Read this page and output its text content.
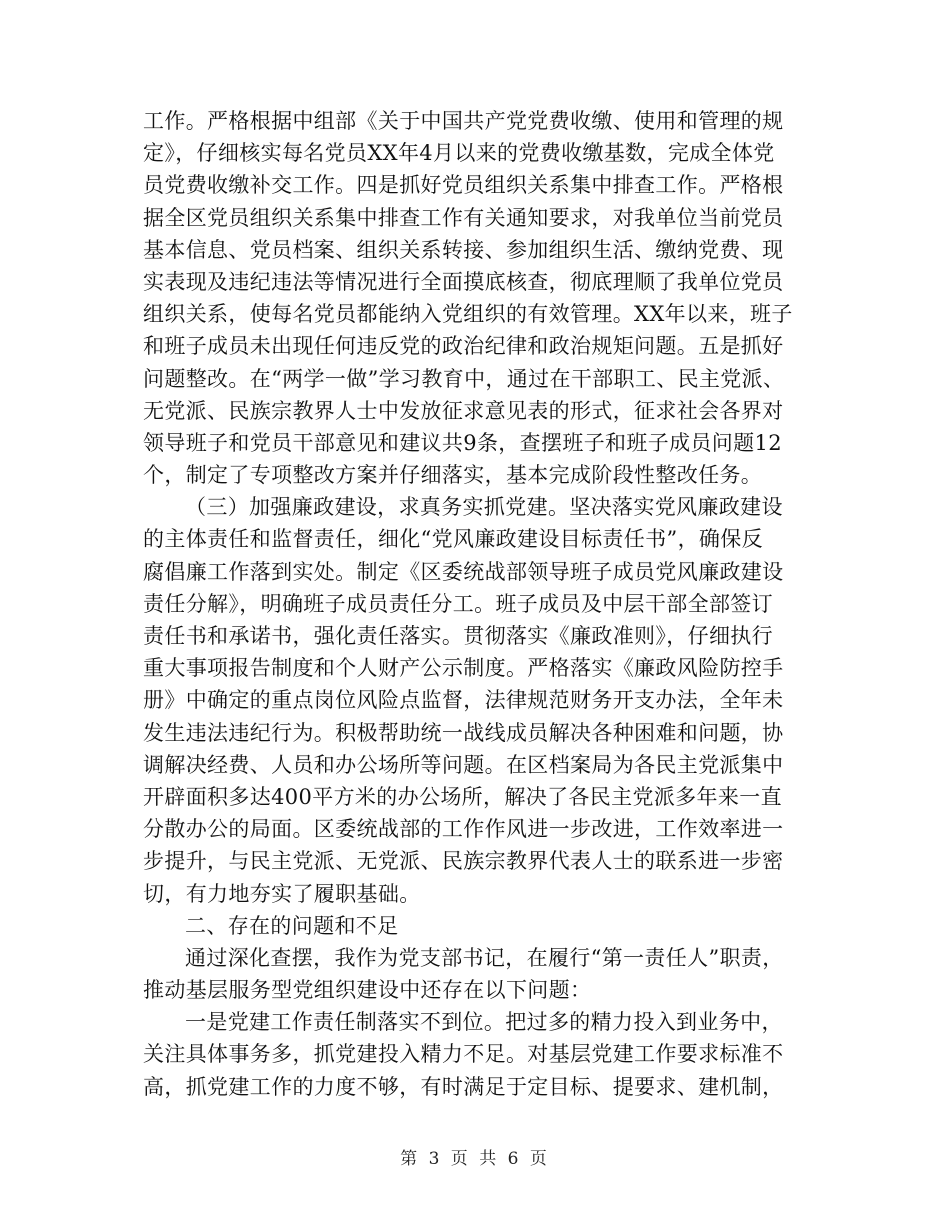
工作。严格根据中组部《关于中国共产党党费收缴、使用和管理的规
定》，仔细核实每名党员XX年4月以来的党费收缴基数，完成全体党
员党费收缴补交工作。四是抓好党员组织关系集中排查工作。严格根
据全区党员组织关系集中排查工作有关通知要求，对我单位当前党员
基本信息、党员档案、组织关系转接、参加组织生活、缴纳党费、现
实表现及违纪违法等情况进行全面摸底核查，彻底理顺了我单位党员
组织关系，使每名党员都能纳入党组织的有效管理。XX年以来，班子
和班子成员未出现任何违反党的政治纪律和政治规矩问题。五是抓好
问题整改。在“两学一做”学习教育中，通过在干部职工、民主党派、
无党派、民族宗教界人士中发放征求意见表的形式，征求社会各界对
领导班子和党员干部意见和建议共9条，查摆班子和班子成员问题12
个，制定了专项整改方案并仔细落实，基本完成阶段性整改任务。
（三）加强廉政建设，求真务实抓党建。坚决落实党风廉政建设
的主体责任和监督责任，细化“党风廉政建设目标责任书”，确保反
腐倡廉工作落到实处。制定《区委统战部领导班子成员党风廉政建设
责任分解》，明确班子成员责任分工。班子成员及中层干部全部签订
责任书和承诺书，强化责任落实。贯彻落实《廉政准则》，仔细执行
重大事项报告制度和个人财产公示制度。严格落实《廉政风险防控手
册》中确定的重点岗位风险点监督，法律规范财务开支办法，全年未
发生违法违纪行为。积极帮助统一战线成员解决各种困难和问题，协
调解决经费、人员和办公场所等问题。在区档案局为各民主党派集中
开辟面积多达400平方米的办公场所，解决了各民主党派多年来一直
分散办公的局面。区委统战部的工作作风进一步改进，工作效率进一
步提升，与民主党派、无党派、民族宗教界代表人士的联系进一步密
切，有力地夯实了履职基础。
二、存在的问题和不足
通过深化查摆，我作为党支部书记，在履行“第一责任人”职责，
推动基层服务型党组织建设中还存在以下问题：
一是党建工作责任制落实不到位。把过多的精力投入到业务中，
关注具体事务多，抓党建投入精力不足。对基层党建工作要求标准不
高，抓党建工作的力度不够，有时满足于定目标、提要求、建机制，
第 3 页 共 6 页
